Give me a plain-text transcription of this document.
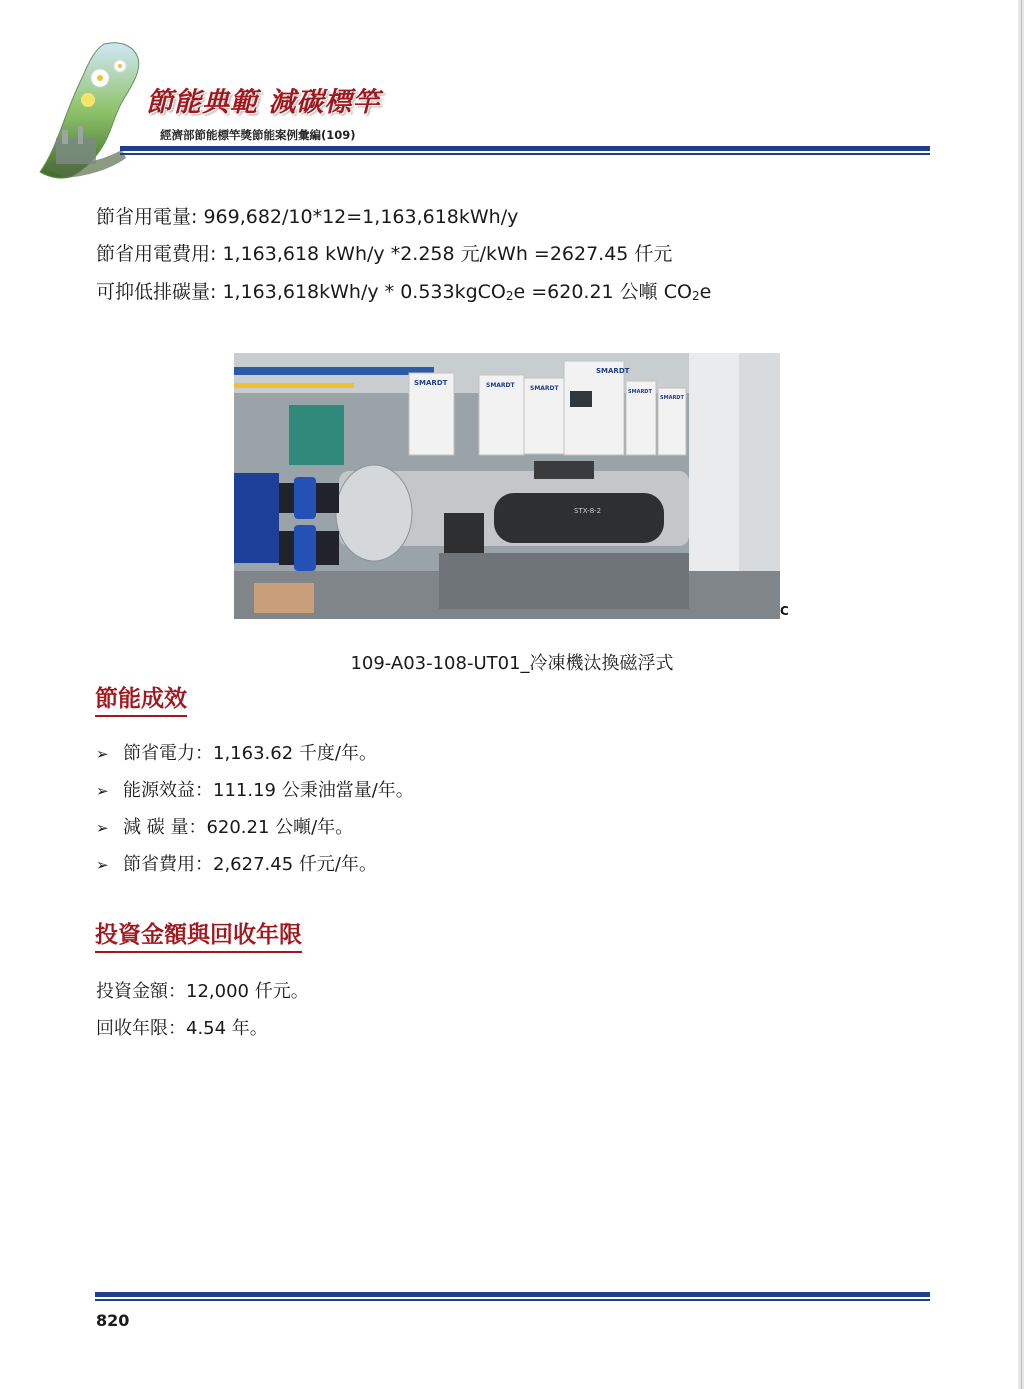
節能典範 減碳標竿
經濟部節能標竿獎節能案例彙編(109)
節省用電量: 969,682/10*12=1,163,618kWh/y
節省用電費用: 1,163,618 kWh/y *2.258 元/kWh =2627.45 仟元
可抑低排碳量: 1,163,618kWh/y * 0.533kgCO$_2$e =620.21 公噸 $CO_2e$
SMARDT	SMARDT	SMARDT
SMARDT
SMARDT
SMARDT
STX-8-2
C
109-A03-108-UT01_冷凍機汰換磁浮式
節能成效
➢ 節省電力：1,163.62 千度/年。
➢ 能源效益：111.19 公秉油當量/年。
➢ 減 碳 量：620.21 公噸/年。
➢ 節省費用：2,627.45 仟元/年。
投資金額與回收年限
投資金額：12,000 仟元。
回收年限：4.54 年。
820
